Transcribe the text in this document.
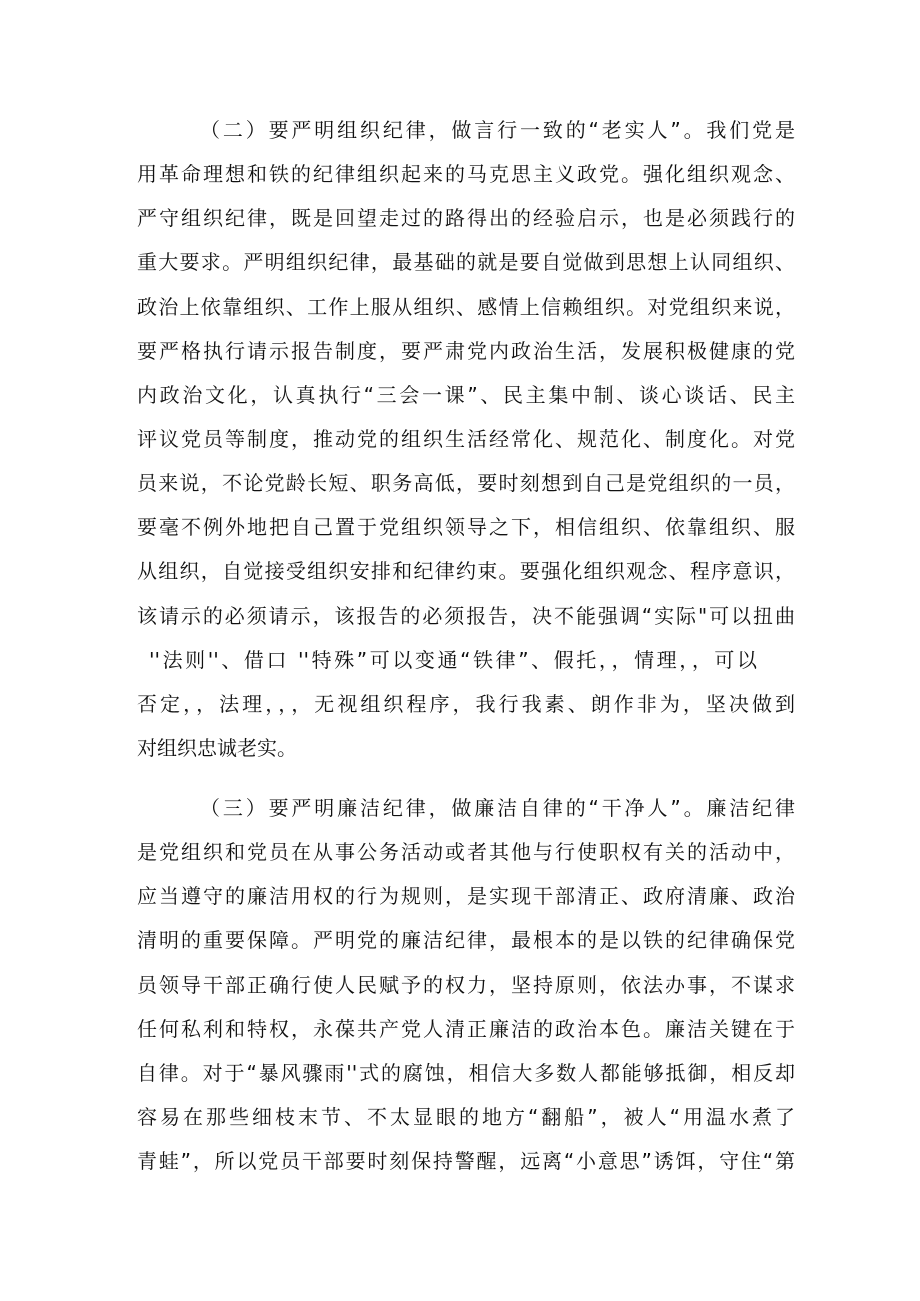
（二）要严明组织纪律，做言行一致的“老实人”。我们党是
用革命理想和铁的纪律组织起来的马克思主义政党。强化组织观念、
严守组织纪律，既是回望走过的路得出的经验启示，也是必须践行的
重大要求。严明组织纪律，最基础的就是要自觉做到思想上认同组织、
政治上依靠组织、工作上服从组织、感情上信赖组织。对党组织来说，
要严格执行请示报告制度，要严肃党内政治生活，发展积极健康的党
内政治文化，认真执行“三会一课”、民主集中制、谈心谈话、民主
评议党员等制度，推动党的组织生活经常化、规范化、制度化。对党
员来说，不论党龄长短、职务高低，要时刻想到自己是党组织的一员，
要毫不例外地把自己置于党组织领导之下，相信组织、依靠组织、服
从组织，自觉接受组织安排和纪律约束。要强化组织观念、程序意识，
该请示的必须请示，该报告的必须报告，决不能强调“实际"可以扭曲
''法则''、借口 ''特殊”可以变通“铁律”、假托，，情理，，可以
否定，，法理，，，无视组织程序，我行我素、朗作非为，坚决做到
对组织忠诚老实。
（三）要严明廉洁纪律，做廉洁自律的“干净人”。廉洁纪律
是党组织和党员在从事公务活动或者其他与行使职权有关的活动中，
应当遵守的廉洁用权的行为规则，是实现干部清正、政府清廉、政治
清明的重要保障。严明党的廉洁纪律，最根本的是以铁的纪律确保党
员领导干部正确行使人民赋予的权力，坚持原则，依法办事，不谋求
任何私利和特权，永葆共产党人清正廉洁的政治本色。廉洁关键在于
自律。对于“暴风骤雨''式的腐蚀，相信大多数人都能够抵御，相反却
容易在那些细枝末节、不太显眼的地方“翻船”，被人“用温水煮了
青蛙”，所以党员干部要时刻保持警醒，远离“小意思”诱饵，守住“第
